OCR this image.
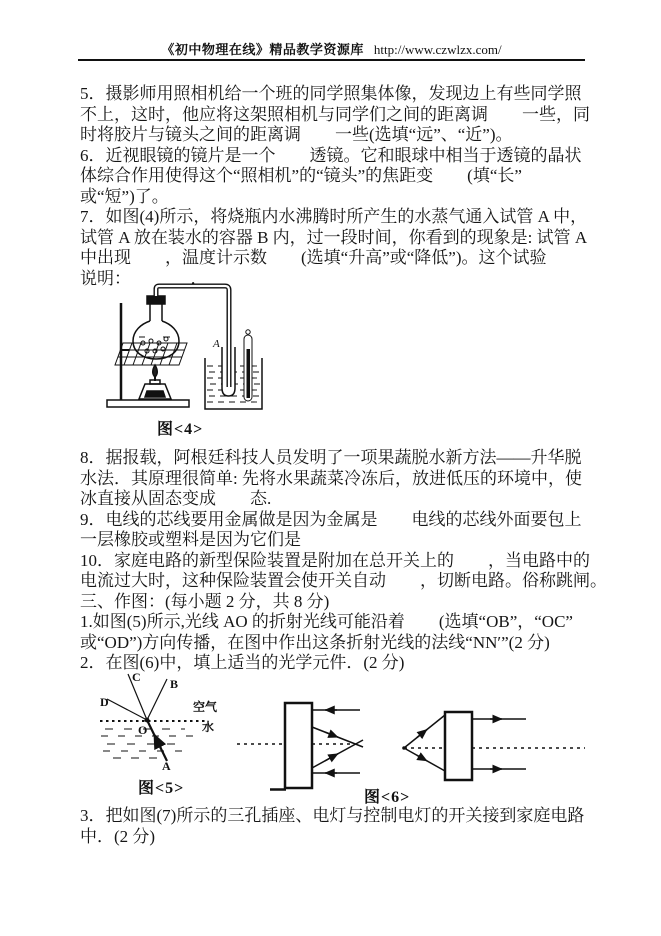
《初中物理在线》精品教学资源库 http://www.czwlzx.com/
5．摄影师用照相机给一个班的同学照集体像，发现边上有些同学照
不上，这时，他应将这架照相机与同学们之间的距离调　　一些，同
时将胶片与镜头之间的距离调　　一些(选填“远”、“近”)。
6．近视眼镜的镜片是一个　　透镜。它和眼球中相当于透镜的晶状
体综合作用使得这个“照相机”的“镜头”的焦距变　　(填“长”
或“短”)了。
7．如图(4)所示，将烧瓶内水沸腾时所产生的水蒸气通入试管 A 中，
试管 A 放在装水的容器 B 内，过一段时间，你看到的现象是: 试管 A
中出现　　，温度计示数　　(选填“升高”或“降低”)。这个试验
说明：　　　　．
A
图<4>
8．据报载，阿根廷科技人员发明了一项果蔬脱水新方法——升华脱
水法．其原理很简单: 先将水果蔬菜冷冻后，放进低压的环境中，使
冰直接从固态变成　　态.
9．电线的芯线要用金属做是因为金属是　　电线的芯线外面要包上
一层橡胶或塑料是因为它们是
10．家庭电路的新型保险装置是附加在总开关上的　　，当电路中的
电流过大时，这种保险装置会使开关自动　　，切断电路。俗称跳闸。
三、作图：(每小题 2 分，共 8 分)
1.如图(5)所示,光线 AO 的折射光线可能沿着　　(选填“OB”，“OC”
或“OD”)方向传播，在图中作出这条折射光线的法线“NN′”(2 分)
2．在图(6)中，填上适当的光学元件．(2 分)
C B
D
O
A
空气
水
图<5>
图<6>
3．把如图(7)所示的三孔插座、电灯与控制电灯的开关接到家庭电路
中．(2 分)
